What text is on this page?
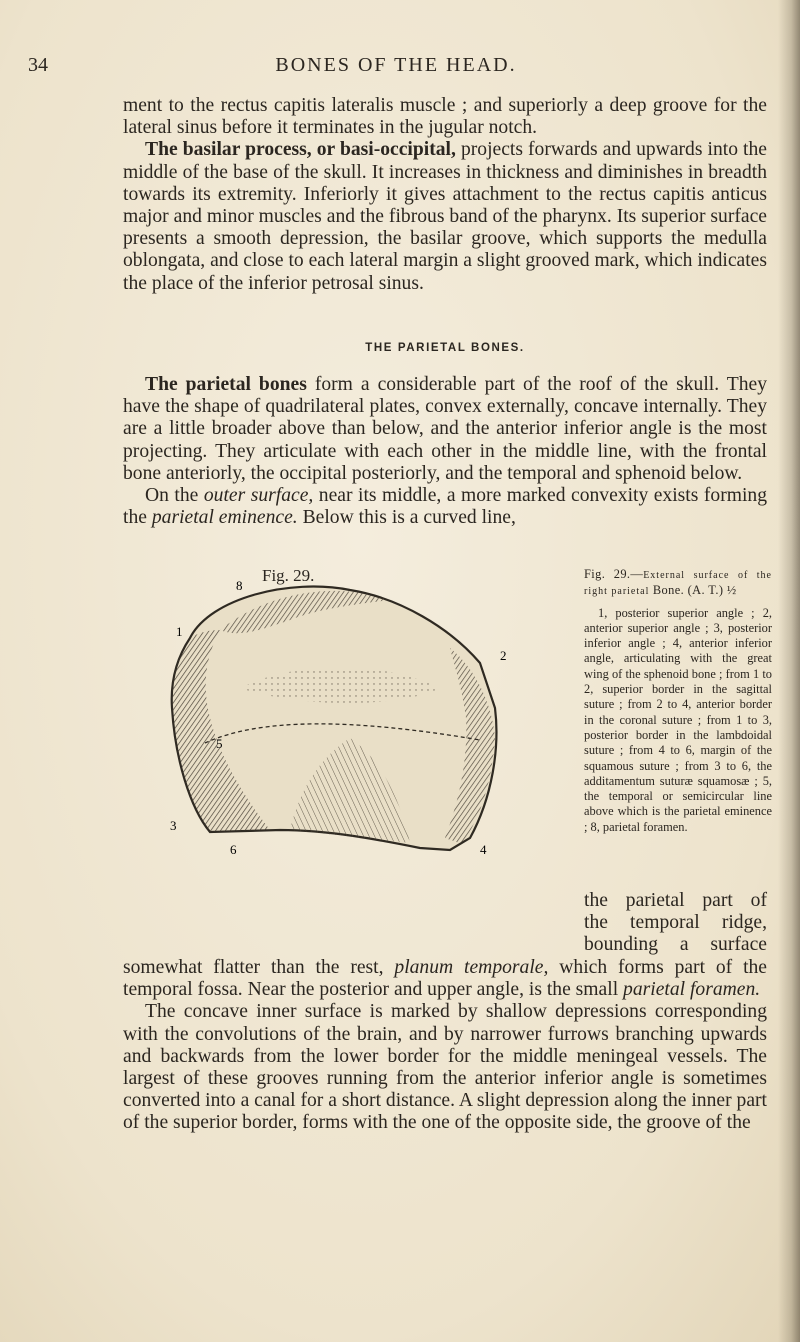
34	BONES OF THE HEAD.

ment to the rectus capitis lateralis muscle ; and superiorly a deep groove for the lateral sinus before it terminates in the jugular notch.

The basilar process, or basi-occipital, projects forwards and upwards into the middle of the base of the skull. It increases in thickness and diminishes in breadth towards its extremity. Inferiorly it gives attachment to the rectus capitis anticus major and minor muscles and the fibrous band of the pharynx. Its superior surface presents a smooth depression, the basilar groove, which supports the medulla oblongata, and close to each lateral margin a slight grooved mark, which indicates the place of the inferior petrosal sinus.

THE PARIETAL BONES.

The parietal bones form a considerable part of the roof of the skull. They have the shape of quadrilateral plates, convex externally, concave internally. They are a little broader above than below, and the anterior inferior angle is the most projecting. They articulate with each other in the middle line, with the frontal bone anteriorly, the occipital posteriorly, and the temporal and sphenoid below.

On the outer surface, near its middle, a more marked convexity exists forming the parietal eminence. Below this is a curved line,

8
1
2
5
3
6	4
Fig. 29.	Fig. 29.—External surface of the right parietal Bone. (A. T.) ½
1, posterior superior angle ; 2, anterior superior angle ; 3, posterior inferior angle ; 4, anterior inferior angle, articulating with the great wing of the sphenoid bone ; from 1 to 2, superior border in the sagittal suture ; from 2 to 4, anterior border in the coronal suture ; from 1 to 3, posterior border in the lambdoidal suture ; from 4 to 6, margin of the squamous suture ; from 3 to 6, the additamentum suturæ squamosæ ; 5, the temporal or semicircular line above which is the parietal eminence ; 8, parietal foramen.
the parietal part of
the temporal ridge,
bounding a surface

somewhat flatter than the rest, planum temporale, which forms part of the temporal fossa. Near the posterior and upper angle, is the small parietal foramen.

The concave inner surface is marked by shallow depressions corresponding with the convolutions of the brain, and by narrower furrows branching upwards and backwards from the lower border for the middle meningeal vessels. The largest of these grooves running from the anterior inferior angle is sometimes converted into a canal for a short distance. A slight depression along the inner part of the superior border, forms with the one of the opposite side, the groove of the
